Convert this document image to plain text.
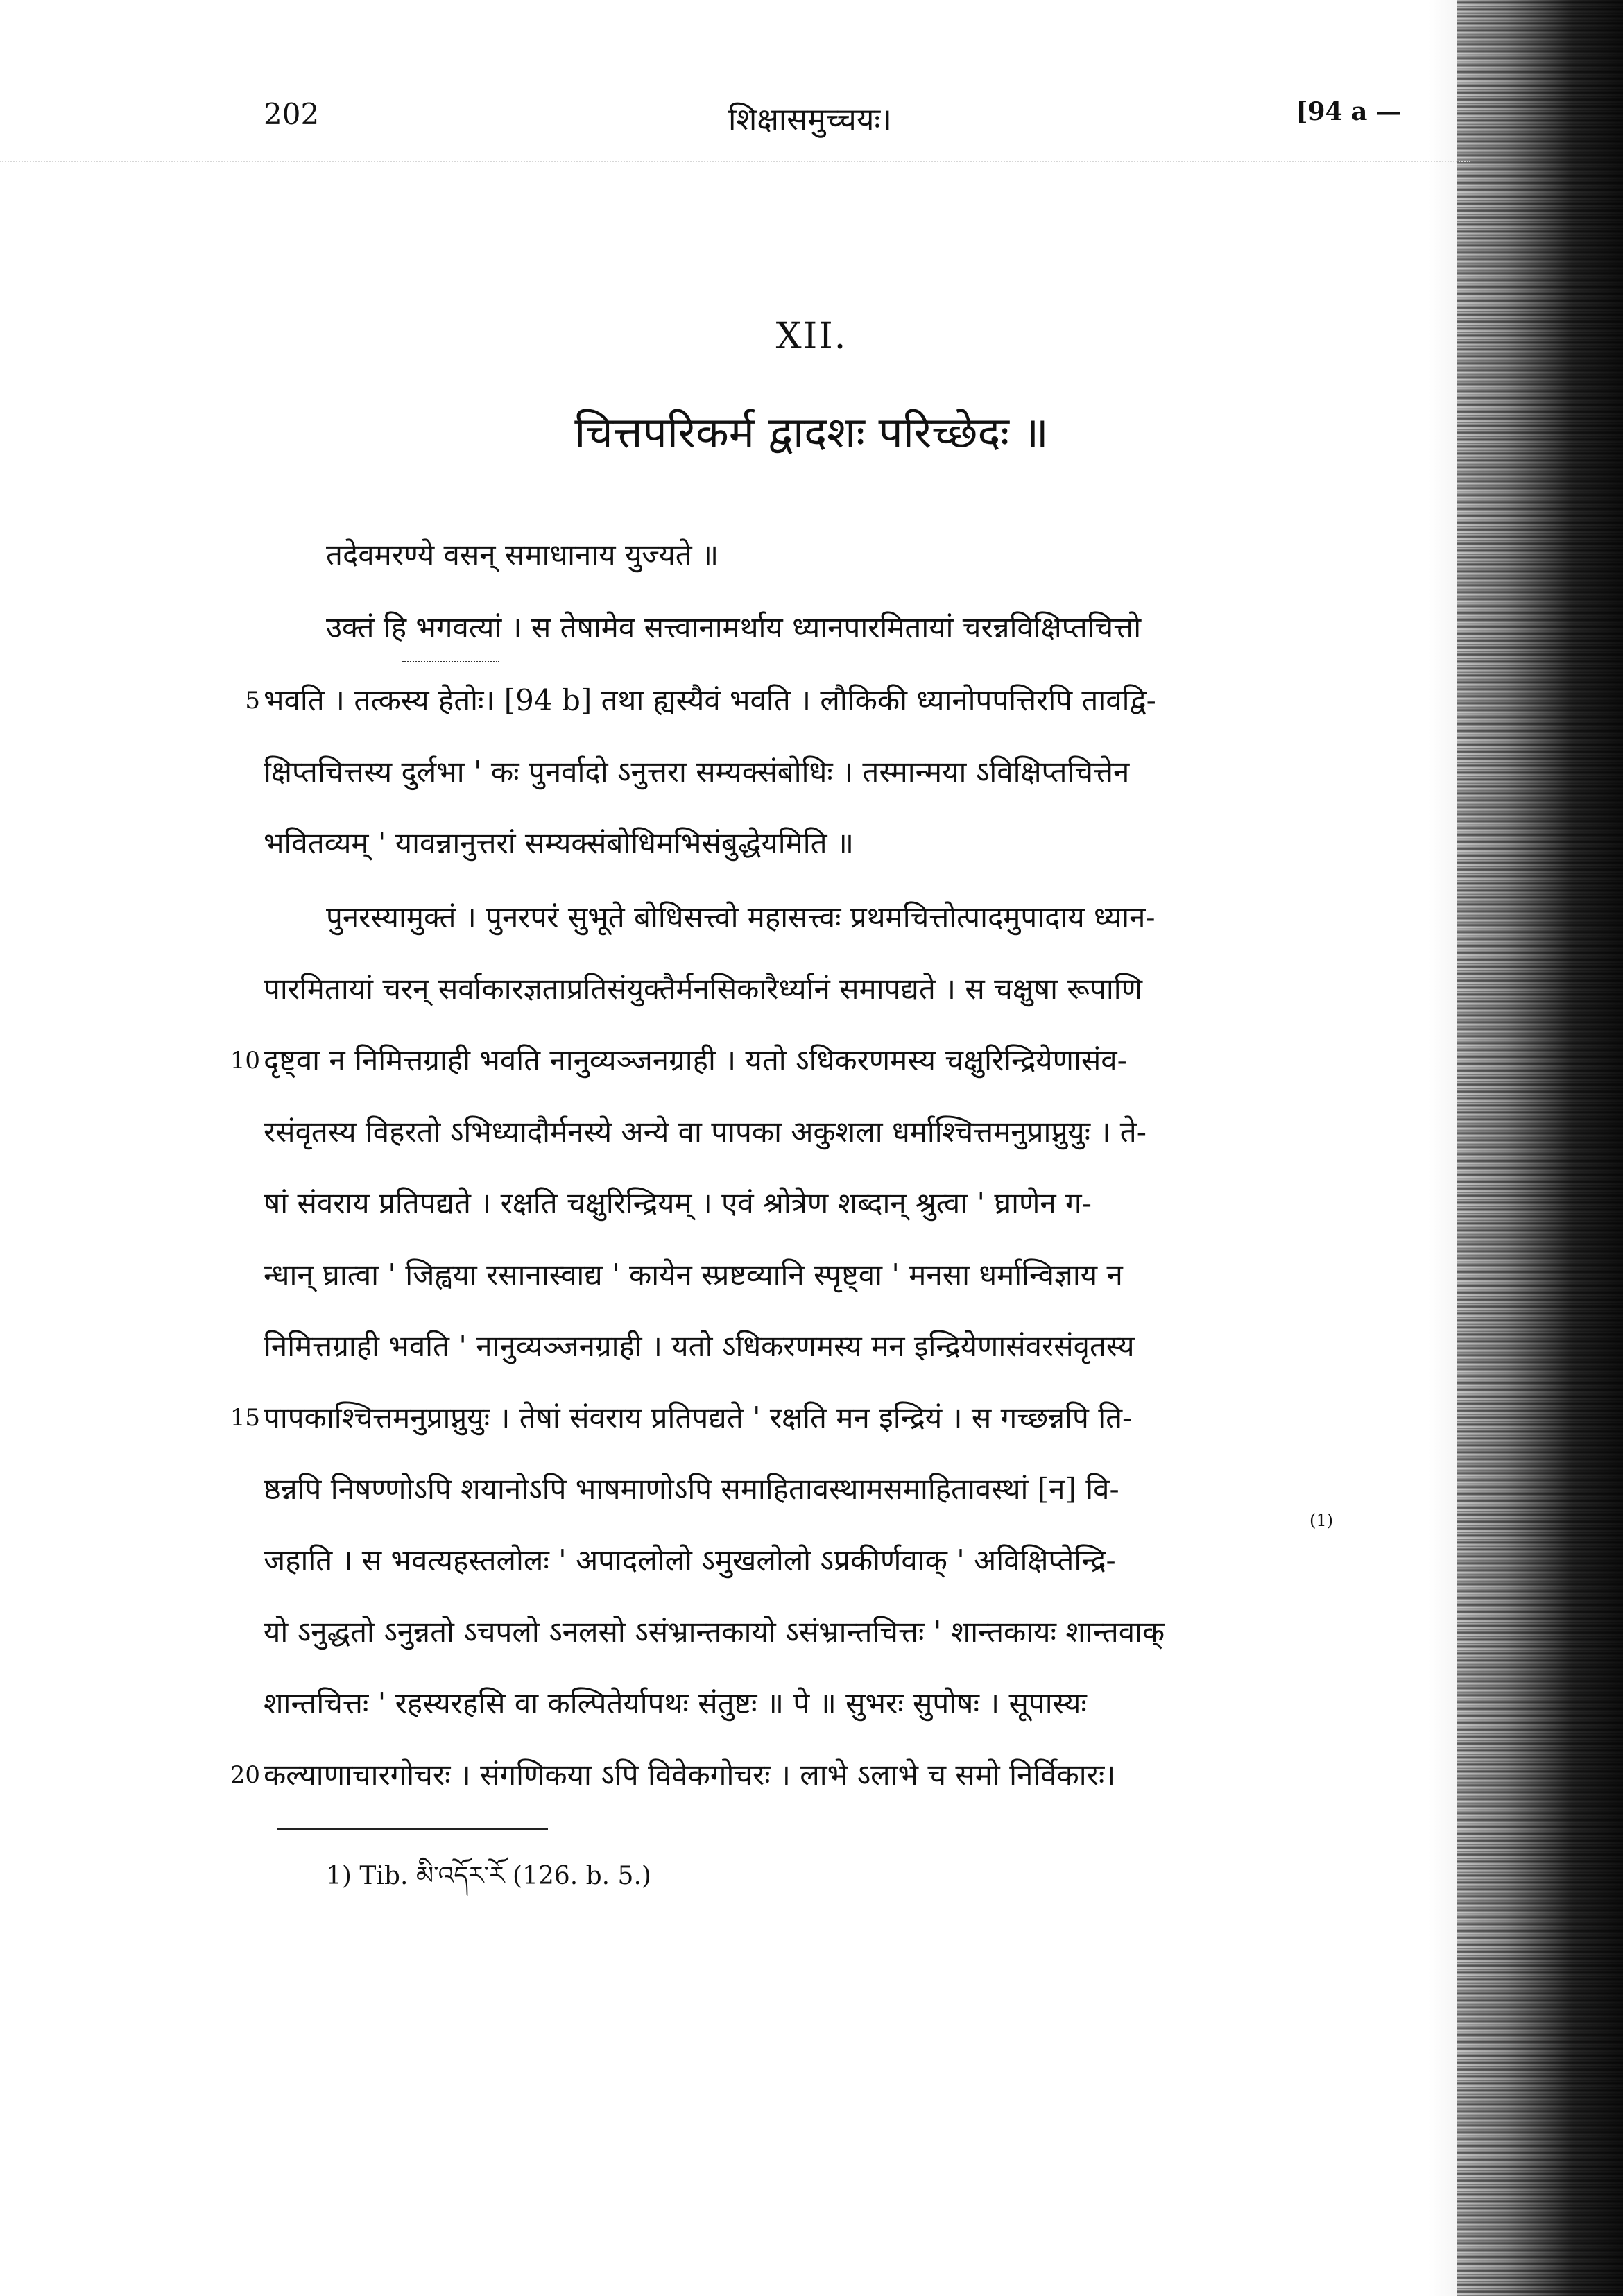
202	शिक्षासमुच्चयः।	[94 a —
XII.
चित्तपरिकर्म द्वादशः परिच्छेदः ॥
तदेवमरण्ये वसन् समाधानाय युज्यते ॥
उक्तं हि भगवत्यां । स तेषामेव सत्त्वानामर्थाय ध्यानपारमितायां चरन्नविक्षिप्तचित्तो
5 भवति । तत्कस्य हेतोः। [94 b] तथा ह्यस्यैवं भवति । लौकिकी ध्यानोपपत्तिरपि तावद्वि-
क्षिप्तचित्तस्य दुर्लभा ' कः पुनर्वादो ऽनुत्तरा सम्यक्संबोधिः । तस्मान्मया ऽविक्षिप्तचित्तेन
भवितव्यम् ' यावन्नानुत्तरां सम्यक्संबोधिमभिसंबुद्धेयमिति ॥
पुनरस्यामुक्तं । पुनरपरं सुभूते बोधिसत्त्वो महासत्त्वः प्रथमचित्तोत्पादमुपादाय ध्यान-
पारमितायां चरन् सर्वाकारज्ञताप्रतिसंयुक्तैर्मनसिकारैर्ध्यानं समापद्यते । स चक्षुषा रूपाणि
10 दृष्ट्वा न निमित्तग्राही भवति नानुव्यञ्जनग्राही । यतो ऽधिकरणमस्य चक्षुरिन्द्रियेणासंव-
रसंवृतस्य विहरतो ऽभिध्यादौर्मनस्ये अन्ये वा पापका अकुशला धर्माश्चित्तमनुप्राप्नुयुः । ते-
षां संवराय प्रतिपद्यते । रक्षति चक्षुरिन्द्रियम् । एवं श्रोत्रेण शब्दान् श्रुत्वा ' घ्राणेन ग-
न्धान् घ्रात्वा ' जिह्वया रसानास्वाद्य ' कायेन स्प्रष्टव्यानि स्पृष्ट्वा ' मनसा धर्मान्विज्ञाय न
निमित्तग्राही भवति ' नानुव्यञ्जनग्राही । यतो ऽधिकरणमस्य मन इन्द्रियेणासंवरसंवृतस्य
15 पापकाश्चित्तमनुप्राप्नुयुः । तेषां संवराय प्रतिपद्यते ' रक्षति मन इन्द्रियं । स गच्छन्नपि ति-
(1)
ष्ठन्नपि निषण्णोऽपि शयानोऽपि भाषमाणोऽपि समाहितावस्थामसमाहितावस्थां [न] वि-
जहाति । स भवत्यहस्तलोलः ' अपादलोलो ऽमुखलोलो ऽप्रकीर्णवाक् ' अविक्षिप्तेन्द्रि-
यो ऽनुद्धतो ऽनुन्नतो ऽचपलो ऽनलसो ऽसंभ्रान्तकायो ऽसंभ्रान्तचित्तः ' शान्तकायः शान्तवाक्
शान्तचित्तः ' रहस्यरहसि वा कल्पितेर्यापथः संतुष्टः ॥ पे ॥ सुभरः सुपोषः । सूपास्यः
20 कल्याणाचारगोचरः । संगणिकया ऽपि विवेकगोचरः । लाभे ऽलाभे च समो निर्विकारः।
1) Tib. མི་འདོར་རོ (126. b. 5.)
